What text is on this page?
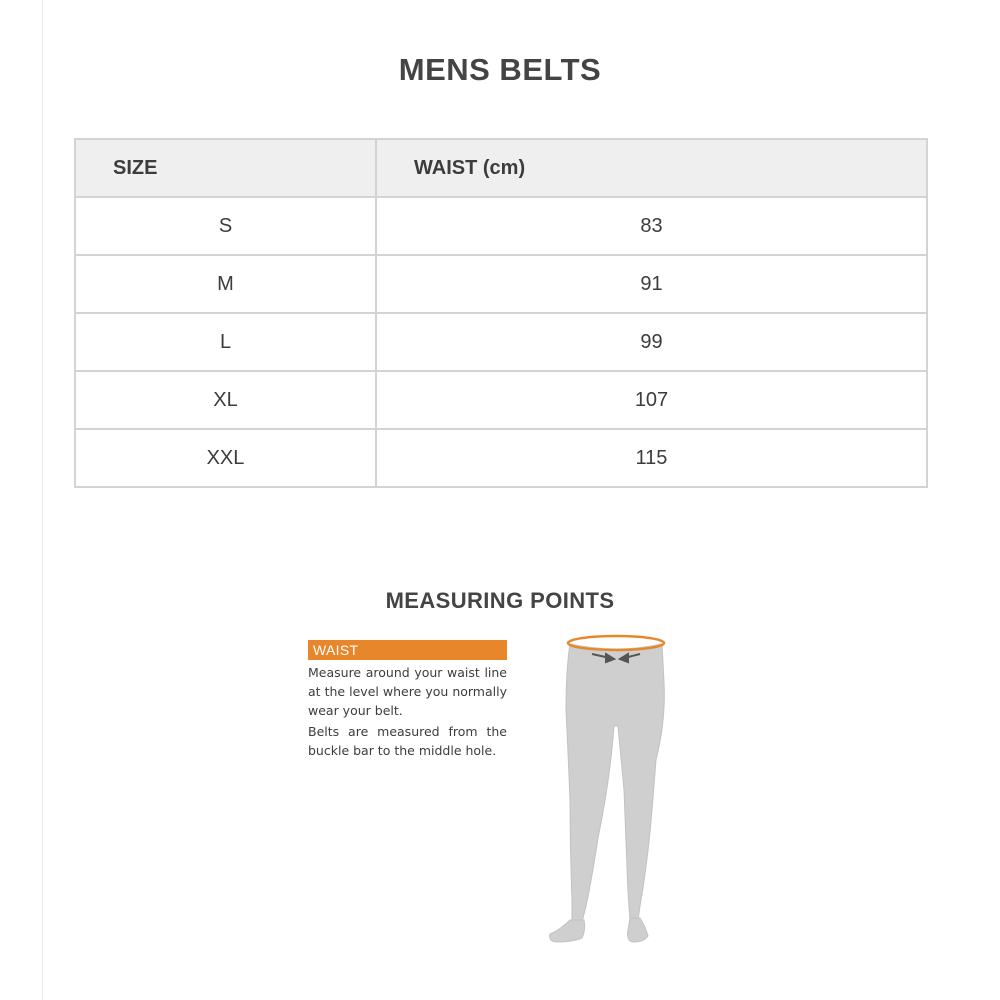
MENS BELTS
SIZE	WAIST (cm)
S	83
M	91
L	99
XL	107
XXL	115
MEASURING POINTS
WAIST

Measure around your waist line at the level where you normally wear your belt.

Belts are measured from the buckle bar to the middle hole.
